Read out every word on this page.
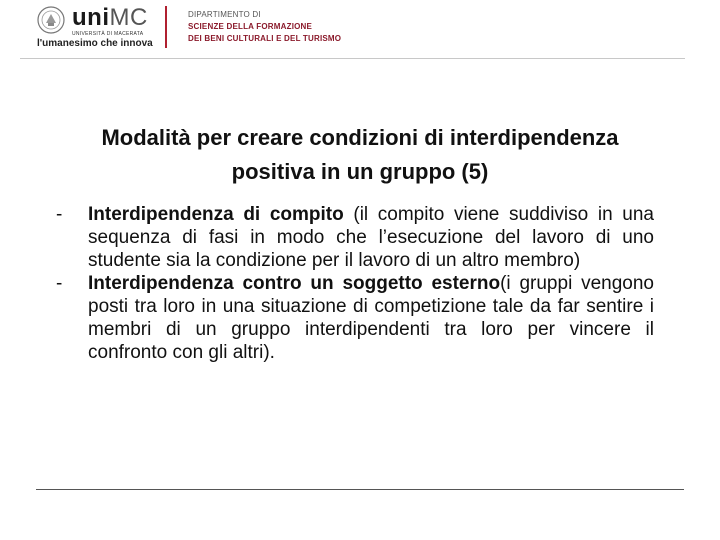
uniMC
UNIVERSITÀ DI MACERATA
l'umanesimo che innova
DIPARTIMENTO DI
SCIENZE DELLA FORMAZIONE
DEI BENI CULTURALI E DEL TURISMO
Modalità per creare condizioni di interdipendenza positiva in un gruppo (5)
- Interdipendenza di compito (il compito viene suddiviso in una sequenza di fasi in modo che l’esecuzione del lavoro di uno studente sia la condizione per il lavoro di un altro membro)
- Interdipendenza contro un soggetto esterno(i gruppi vengono posti tra loro in una situazione di competizione tale da far sentire i membri di un gruppo interdipendenti tra loro per vincere il confronto con gli altri).
